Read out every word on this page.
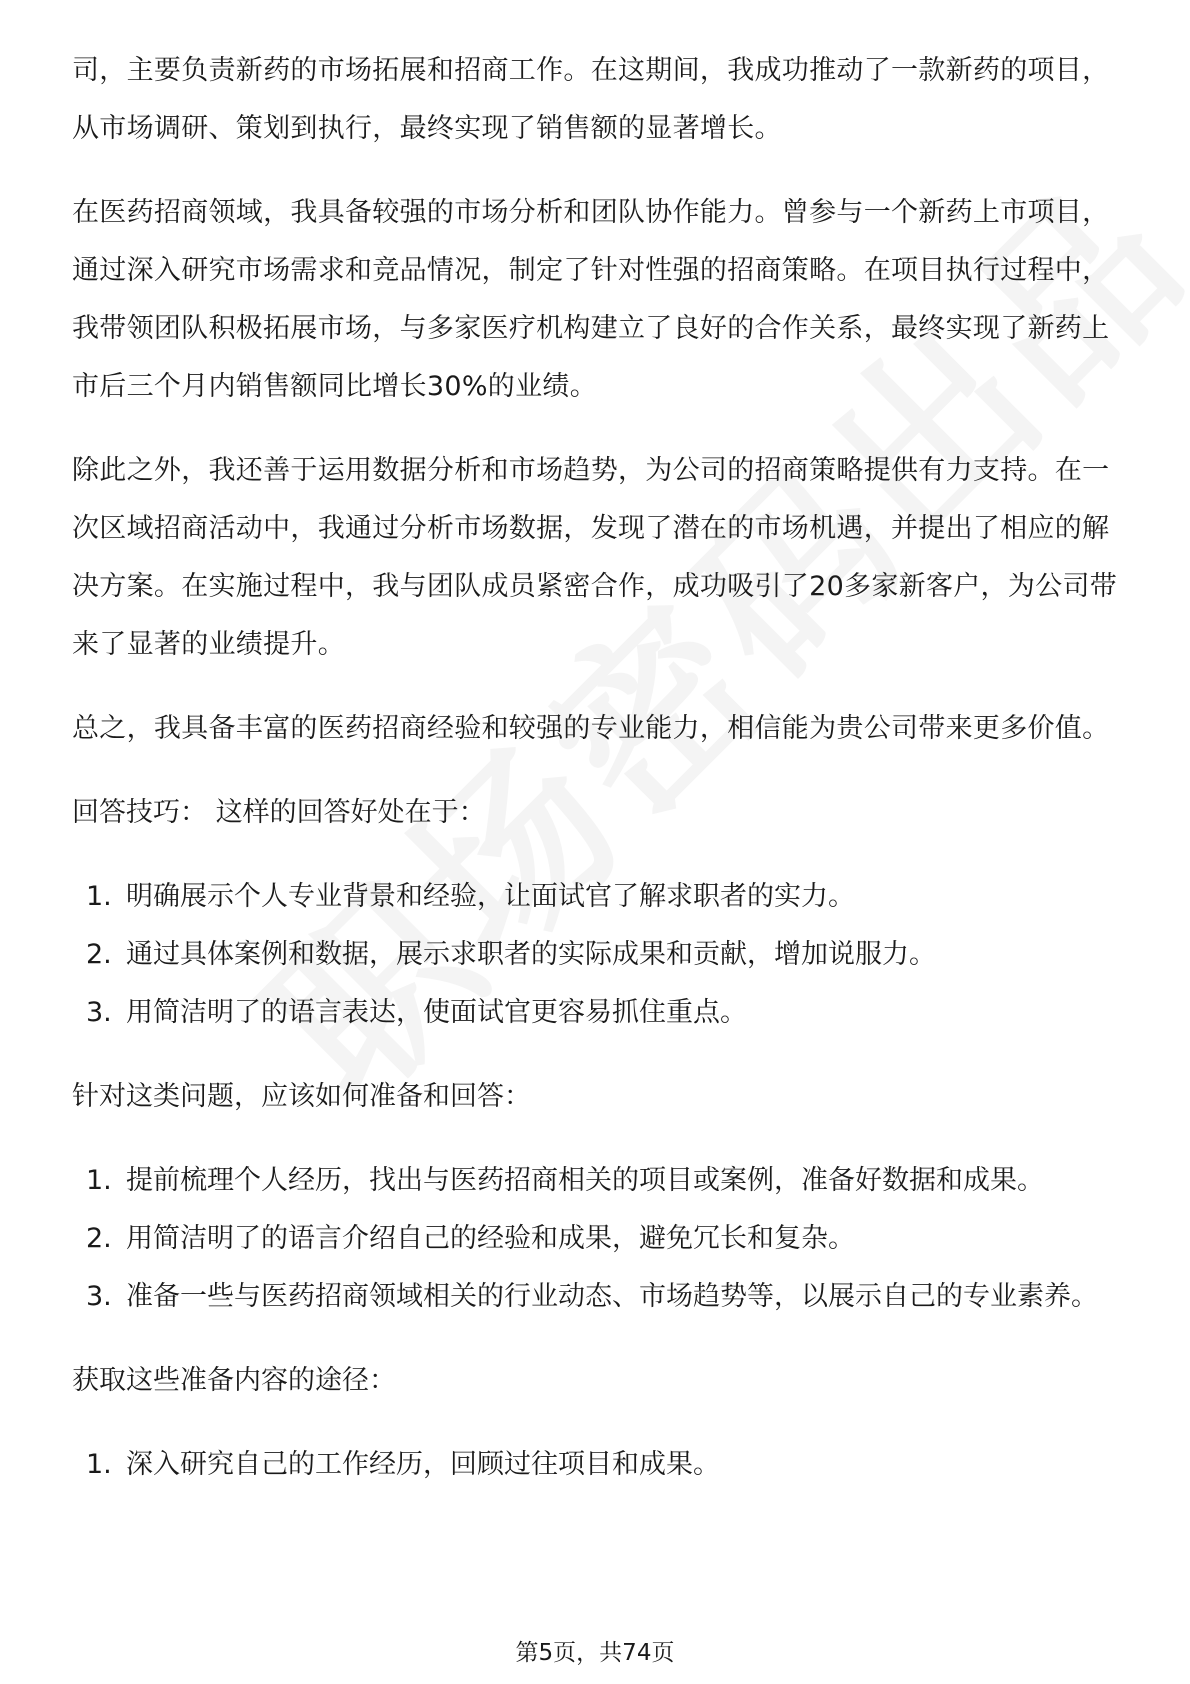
司，主要负责新药的市场拓展和招商工作。在这期间，我成功推动了一款新药的项目，从市场调研、策划到执行，最终实现了销售额的显著增长。

在医药招商领域，我具备较强的市场分析和团队协作能力。曾参与一个新药上市项目，通过深入研究市场需求和竞品情况，制定了针对性强的招商策略。在项目执行过程中，我带领团队积极拓展市场，与多家医疗机构建立了良好的合作关系，最终实现了新药上市后三个月内销售额同比增长30%的业绩。

除此之外，我还善于运用数据分析和市场趋势，为公司的招商策略提供有力支持。在一次区域招商活动中，我通过分析市场数据，发现了潜在的市场机遇，并提出了相应的解决方案。在实施过程中，我与团队成员紧密合作，成功吸引了20多家新客户，为公司带来了显著的业绩提升。

总之，我具备丰富的医药招商经验和较强的专业能力，相信能为贵公司带来更多价值。

回答技巧： 这样的回答好处在于：

1. 明确展示个人专业背景和经验，让面试官了解求职者的实力。
2. 通过具体案例和数据，展示求职者的实际成果和贡献，增加说服力。
3. 用简洁明了的语言表达，使面试官更容易抓住重点。

针对这类问题，应该如何准备和回答：

1. 提前梳理个人经历，找出与医药招商相关的项目或案例，准备好数据和成果。
2. 用简洁明了的语言介绍自己的经验和成果，避免冗长和复杂。
3. 准备一些与医药招商领域相关的行业动态、市场趋势等，以展示自己的专业素养。

获取这些准备内容的途径：

1. 深入研究自己的工作经历，回顾过往项目和成果。
第5页，共74页
